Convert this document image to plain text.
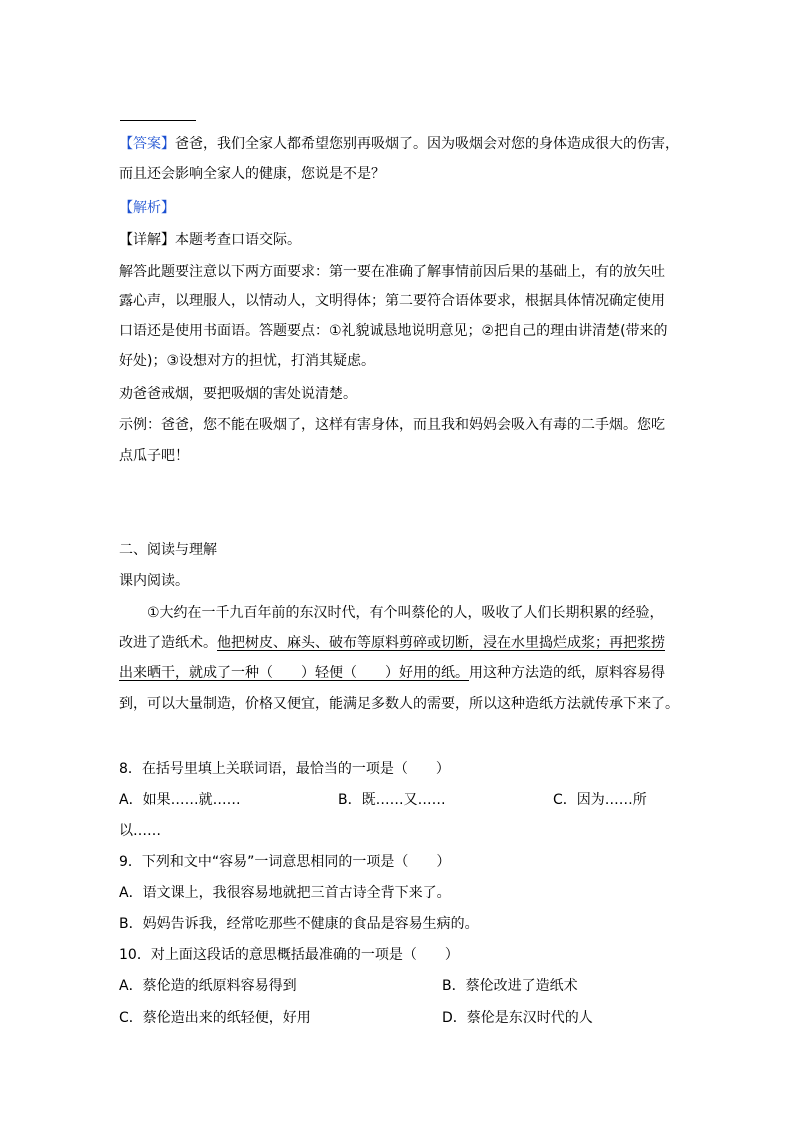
【答案】爸爸，我们全家人都希望您别再吸烟了。因为吸烟会对您的身体造成很大的伤害，
而且还会影响全家人的健康，您说是不是？
【解析】
【详解】本题考查口语交际。
解答此题要注意以下两方面要求：第一要在准确了解事情前因后果的基础上，有的放矢吐
露心声，以理服人，以情动人，文明得体；第二要符合语体要求，根据具体情况确定使用
口语还是使用书面语。答题要点：①礼貌诚恳地说明意见；②把自己的理由讲清楚(带来的
好处)；③设想对方的担忧，打消其疑虑。
劝爸爸戒烟，要把吸烟的害处说清楚。
示例：爸爸，您不能在吸烟了，这样有害身体，而且我和妈妈会吸入有毒的二手烟。您吃
点瓜子吧！
二、阅读与理解
课内阅读。
①大约在一千九百年前的东汉时代，有个叫蔡伦的人，吸收了人们长期积累的经验，
改进了造纸术。他把树皮、麻头、破布等原料剪碎或切断，浸在水里捣烂成浆；再把浆捞
出来晒干，就成了一种（　　）轻便（　　）好用的纸。用这种方法造的纸，原料容易得
到，可以大量制造，价格又便宜，能满足多数人的需要，所以这种造纸方法就传承下来了。
8．在括号里填上关联词语，最恰当的一项是（　　）
A．如果……就……	B．既……又……	C．因为……所
以……
9．下列和文中“容易”一词意思相同的一项是（　　）
A．语文课上，我很容易地就把三首古诗全背下来了。
B．妈妈告诉我，经常吃那些不健康的食品是容易生病的。
10．对上面这段话的意思概括最准确的一项是（　　）
A．蔡伦造的纸原料容易得到	B．蔡伦改进了造纸术
C．蔡伦造出来的纸轻便，好用	D．蔡伦是东汉时代的人
